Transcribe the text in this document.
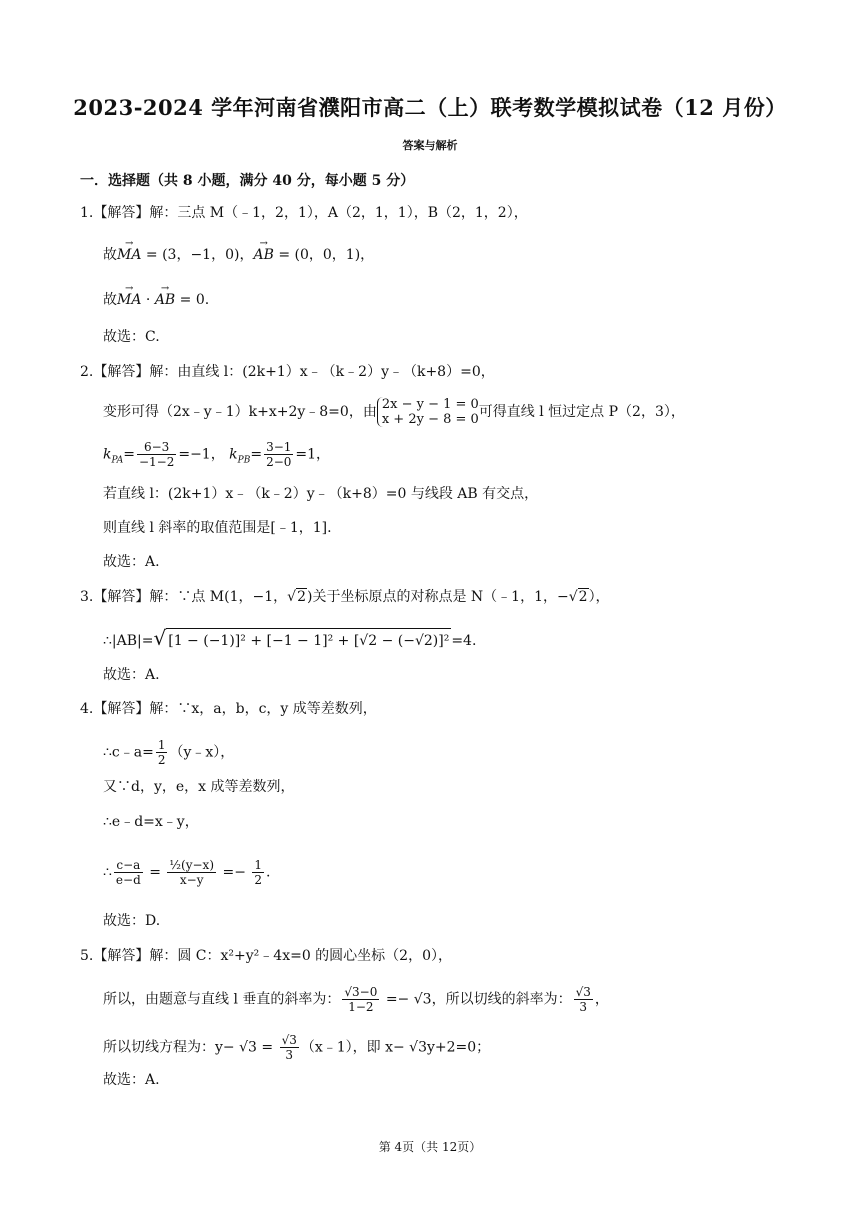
2023-2024 学年河南省濮阳市高二（上）联考数学模拟试卷（12 月份）
答案与解析
一．选择题（共 8 小题，满分 40 分，每小题 5 分）
1.【解答】解：三点 M（﹣1，2，1），A（2，1，1），B（2，1，2），
故→ MA = (3，−1，0)，→ AB = (0，0，1)，
故→ MA · → AB = 0.
故选：C.
2.【解答】解：由直线 l：(2k+1）x﹣（k﹣2）y﹣（k+8）=0，
变形可得（2x﹣y﹣1）k+x+2y﹣8=0，由 2x − y − 1 = 0
x + 2y − 8 = 0可得直线 l 恒过定点 P（2，3），
$k_{PA}= \frac{6-3}{-1-2} =-1$， $k_{PB}= \frac{3-1}{2-0} =1$，
若直线 l：(2k+1）x﹣（k﹣2）y﹣（k+8）=0 与线段 AB 有交点，
则直线 l 斜率的取值范围是[﹣1，1].
故选：A.
3.【解答】解：∵点 M(1，−1，√2)关于坐标原点的对称点是 N（﹣1，1，−√2），
∴|AB|=√ [1 − (−1)]² + [−1 − 1]² + [√2 − (−√2)]² =4.
故选：A.
4.【解答】解：∵x，a，b，c，y 成等差数列，
∴c﹣a= $\frac{1}{2}$ （y﹣x），
又∵d，y，e，x 成等差数列，
∴e﹣d=x﹣y，
∴ $\frac{c-a}{e-d} = \frac{\text{½(y−x)}}{x-y} =- \frac{1}{2}$ .
故选：D.
5.【解答】解：圆 C：x²+y²﹣4x=0 的圆心坐标（2，0），
所以，由题意与直线 l 垂直的斜率为： $\frac{√3-0}{1-2} =- √3$，所以切线的斜率为： $\frac{√3}{3}$ ，
所以切线方程为：$y- √3 = \frac{√3}{3}$ （x﹣1），即 x− √3y+2=0；
故选：A.
第 4页（共 12页）
